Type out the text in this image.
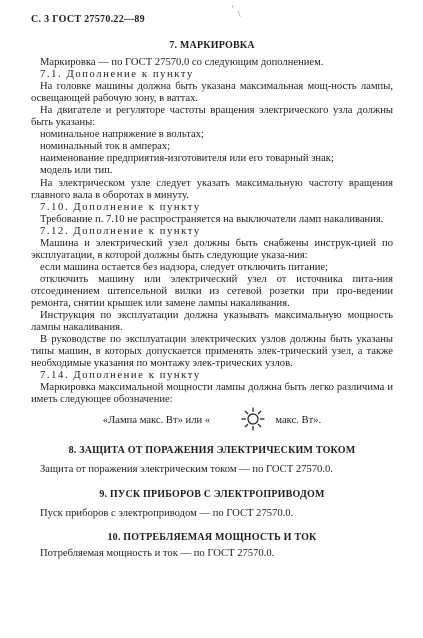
' \
С. 3 ГОСТ 27570.22—89
7. МАРКИРОВКА
Маркировка — по ГОСТ 27570.0 со следующим дополнением.
7.1. Дополнение к пункту
На головке машины должна быть указана максимальная мощ-ность лампы, освещающей рабочую зону, в ваттах.
На двигателе и регуляторе частоты вращения электрического узла должны быть указаны:
номинальное напряжение в вольтах;
номинальный ток в амперах;
наименование предприятия-изготовителя или его товарный знак;
модель или тип.
На электрическом узле следует указать максимальную частоту вращения главного вала в оборотах в минуту.
7.10. Дополнение к пункту
Требование п. 7.10 не распространяется на выключатели ламп накаливания.
7.12. Дополнение к пункту
Машина и электрический узел должны быть снабжены инструк-цией по эксплуатации, в которой должны быть следующие указа-ния:
если машина остается без надзора, следует отключить питание;
отключить машину или электрический узел от источника пита-ния отсоединением штепсельной вилки из сетевой розетки при про-ведении ремонта, снятии крышек или замене лампы накаливания.
Инструкция по эксплуатации должна указывать максимальную мощность лампы накаливания.
В руководстве по эксплуатации электрических узлов должны быть указаны типы машин, в которых допускается применять элек-трический узел, а также необходимые указания по монтажу элек-трических узлов.
7.14. Дополнение к пункту
Маркировка максимальной мощности лампы должна быть легко различима и иметь следующее обозначение:
«Лампа макс. Вт» или «

	макс. Вт».
8. ЗАЩИТА ОТ ПОРАЖЕНИЯ ЭЛЕКТРИЧЕСКИМ ТОКОМ
Защита от поражения электрическим током — по ГОСТ 27570.0.
9. ПУСК ПРИБОРОВ С ЭЛЕКТРОПРИВОДОМ
Пуск приборов с электроприводом — по ГОСТ 27570.0.
10. ПОТРЕБЛЯЕМАЯ МОЩНОСТЬ И ТОК
Потребляемая мощность и ток — по ГОСТ 27570.0.
